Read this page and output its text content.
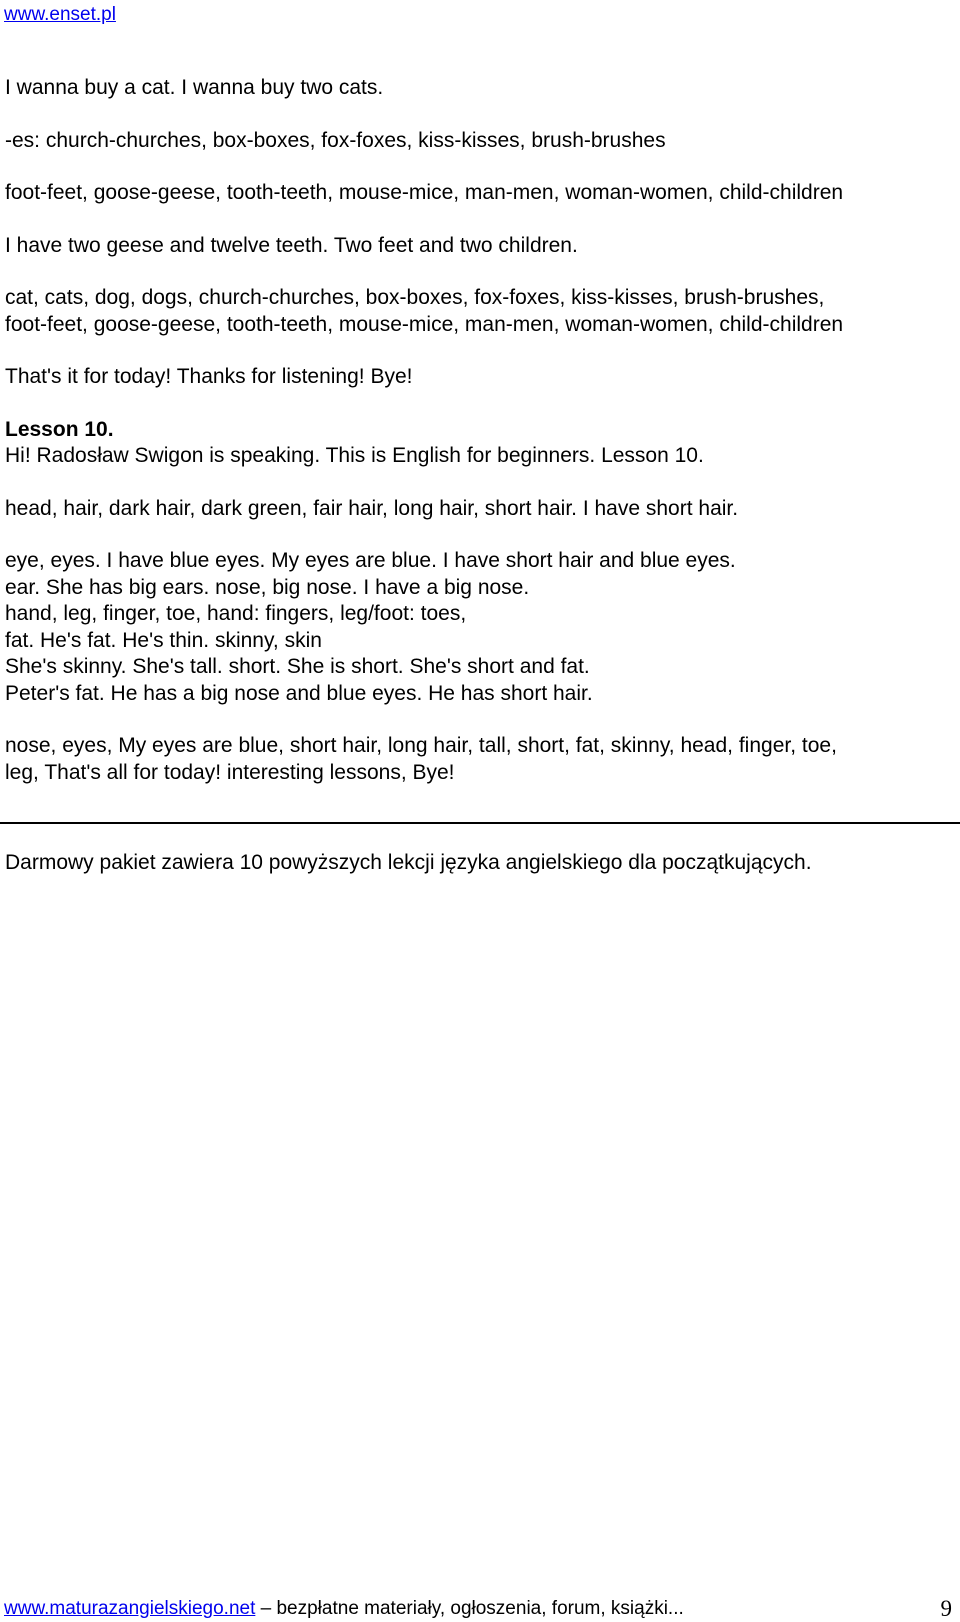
www.enset.pl

I wanna buy a cat. I wanna buy two cats.

-es: church-churches, box-boxes, fox-foxes, kiss-kisses, brush-brushes

foot-feet, goose-geese, tooth-teeth, mouse-mice, man-men, woman-women, child-children

I have two geese and twelve teeth. Two feet and two children.

cat, cats, dog, dogs, church-churches, box-boxes, fox-foxes, kiss-kisses, brush-brushes,
foot-feet, goose-geese, tooth-teeth, mouse-mice, man-men, woman-women, child-children

That's it for today! Thanks for listening! Bye!

Lesson 10.
Hi! Radosław Swigon is speaking. This is English for beginners. Lesson 10.

head, hair, dark hair, dark green, fair hair, long hair, short hair. I have short hair.

eye, eyes. I have blue eyes. My eyes are blue. I have short hair and blue eyes.
ear. She has big ears. nose, big nose. I have a big nose.
hand, leg, finger, toe, hand: fingers, leg/foot: toes,
fat. He's fat. He's thin. skinny, skin
She's skinny. She's tall. short. She is short. She's short and fat.
Peter's fat. He has a big nose and blue eyes. He has short hair.

nose, eyes, My eyes are blue, short hair, long hair, tall, short, fat, skinny, head, finger, toe,
leg, That's all for today! interesting lessons, Bye!

Darmowy pakiet zawiera 10 powyższych lekcji języka angielskiego dla początkujących.
www.maturazangielskiego.net – bezpłatne materiały, ogłoszenia, forum, książki...	9
